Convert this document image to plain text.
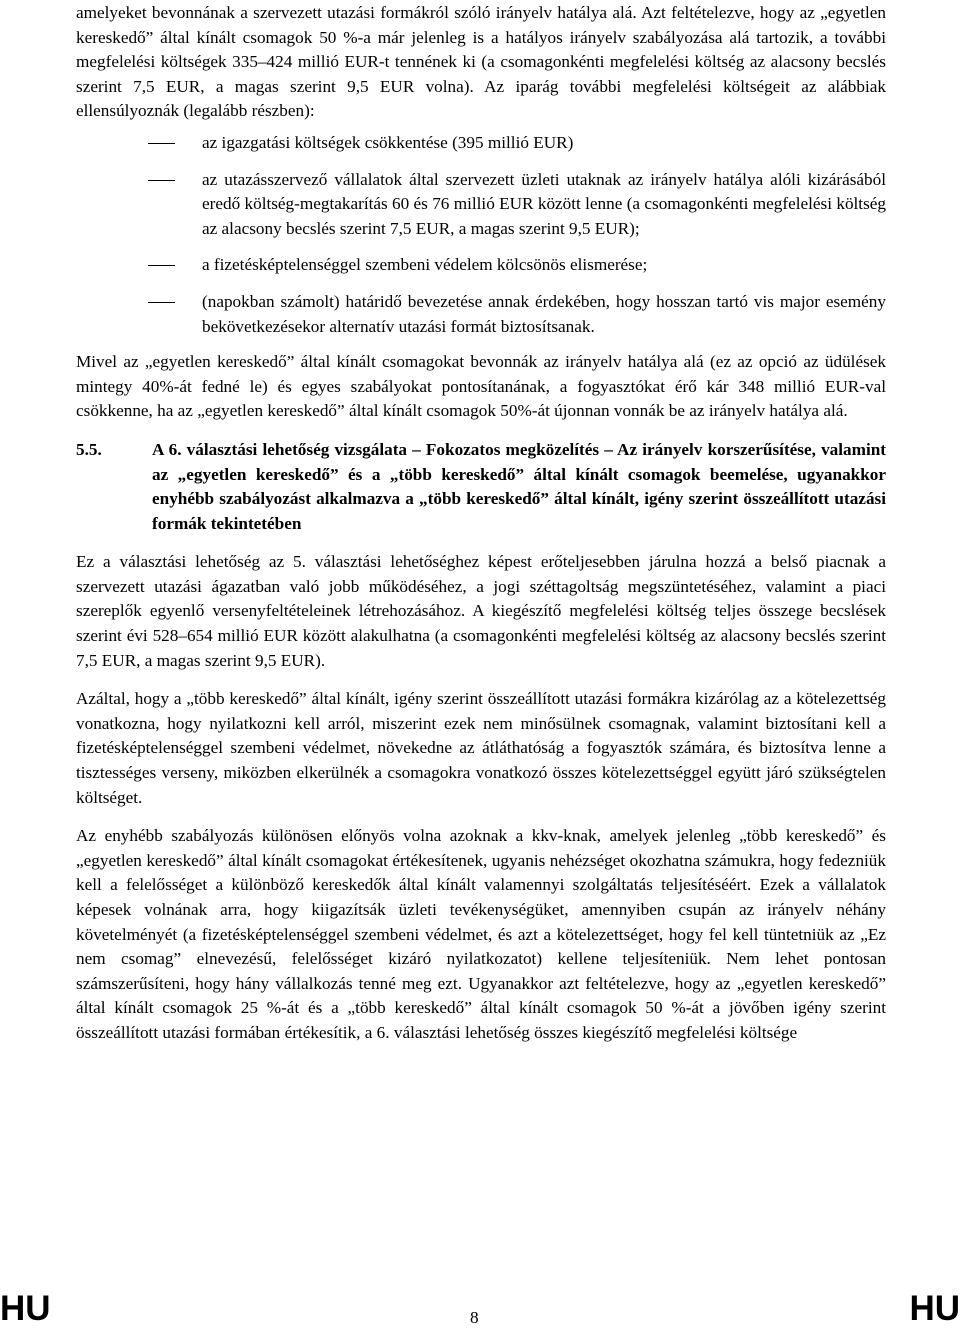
amelyeket bevonnának a szervezett utazási formákról szóló irányelv hatálya alá. Azt feltételezve, hogy az „egyetlen kereskedő” által kínált csomagok 50 %-a már jelenleg is a hatályos irányelv szabályozása alá tartozik, a további megfelelési költségek 335–424 millió EUR-t tennének ki (a csomagonkénti megfelelési költség az alacsony becslés szerint 7,5 EUR, a magas szerint 9,5 EUR volna). Az iparág további megfelelési költségeit az alábbiak ellensúlyoznák (legalább részben):

az igazgatási költségek csökkentése (395 millió EUR)
az utazásszervező vállalatok által szervezett üzleti utaknak az irányelv hatálya alóli kizárásából eredő költség-megtakarítás 60 és 76 millió EUR között lenne (a csomagonkénti megfelelési költség az alacsony becslés szerint 7,5 EUR, a magas szerint 9,5 EUR);
a fizetésképtelenséggel szembeni védelem kölcsönös elismerése;
(napokban számolt) határidő bevezetése annak érdekében, hogy hosszan tartó vis major esemény bekövetkezésekor alternatív utazási formát biztosítsanak.

Mivel az „egyetlen kereskedő” által kínált csomagokat bevonnák az irányelv hatálya alá (ez az opció az üdülések mintegy 40%-át fedné le) és egyes szabályokat pontosítanának, a fogyasztókat érő kár 348 millió EUR-val csökkenne, ha az „egyetlen kereskedő” által kínált csomagok 50%-át újonnan vonnák be az irányelv hatálya alá.

5.5.	A 6. választási lehetőség vizsgálata – Fokozatos megközelítés – Az irányelv korszerűsítése, valamint az „egyetlen kereskedő” és a „több kereskedő” által kínált csomagok beemelése, ugyanakkor enyhébb szabályozást alkalmazva a „több kereskedő” által kínált, igény szerint összeállított utazási formák tekintetében

Ez a választási lehetőség az 5. választási lehetőséghez képest erőteljesebben járulna hozzá a belső piacnak a szervezett utazási ágazatban való jobb működéséhez, a jogi széttagoltság megszüntetéséhez, valamint a piaci szereplők egyenlő versenyfeltételeinek létrehozásához. A kiegészítő megfelelési költség teljes összege becslések szerint évi 528–654 millió EUR között alakulhatna (a csomagonkénti megfelelési költség az alacsony becslés szerint 7,5 EUR, a magas szerint 9,5 EUR).

Azáltal, hogy a „több kereskedő” által kínált, igény szerint összeállított utazási formákra kizárólag az a kötelezettség vonatkozna, hogy nyilatkozni kell arról, miszerint ezek nem minősülnek csomagnak, valamint biztosítani kell a fizetésképtelenséggel szembeni védelmet, növekedne az átláthatóság a fogyasztók számára, és biztosítva lenne a tisztességes verseny, miközben elkerülnék a csomagokra vonatkozó összes kötelezettséggel együtt járó szükségtelen költséget.

Az enyhébb szabályozás különösen előnyös volna azoknak a kkv-knak, amelyek jelenleg „több kereskedő” és „egyetlen kereskedő” által kínált csomagokat értékesítenek, ugyanis nehézséget okozhatna számukra, hogy fedezniük kell a felelősséget a különböző kereskedők által kínált valamennyi szolgáltatás teljesítéséért. Ezek a vállalatok képesek volnának arra, hogy kiigazítsák üzleti tevékenységüket, amennyiben csupán az irányelv néhány követelményét (a fizetésképtelenséggel szembeni védelmet, és azt a kötelezettséget, hogy fel kell tüntetniük az „Ez nem csomag” elnevezésű, felelősséget kizáró nyilatkozatot) kellene teljesíteniük. Nem lehet pontosan számszerűsíteni, hogy hány vállalkozás tenné meg ezt. Ugyanakkor azt feltételezve, hogy az „egyetlen kereskedő” által kínált csomagok 25 %-át és a „több kereskedő” által kínált csomagok 50 %-át a jövőben igény szerint összeállított utazási formában értékesítik, a 6. választási lehetőség összes kiegészítő megfelelési költsége

HU	8	HU
